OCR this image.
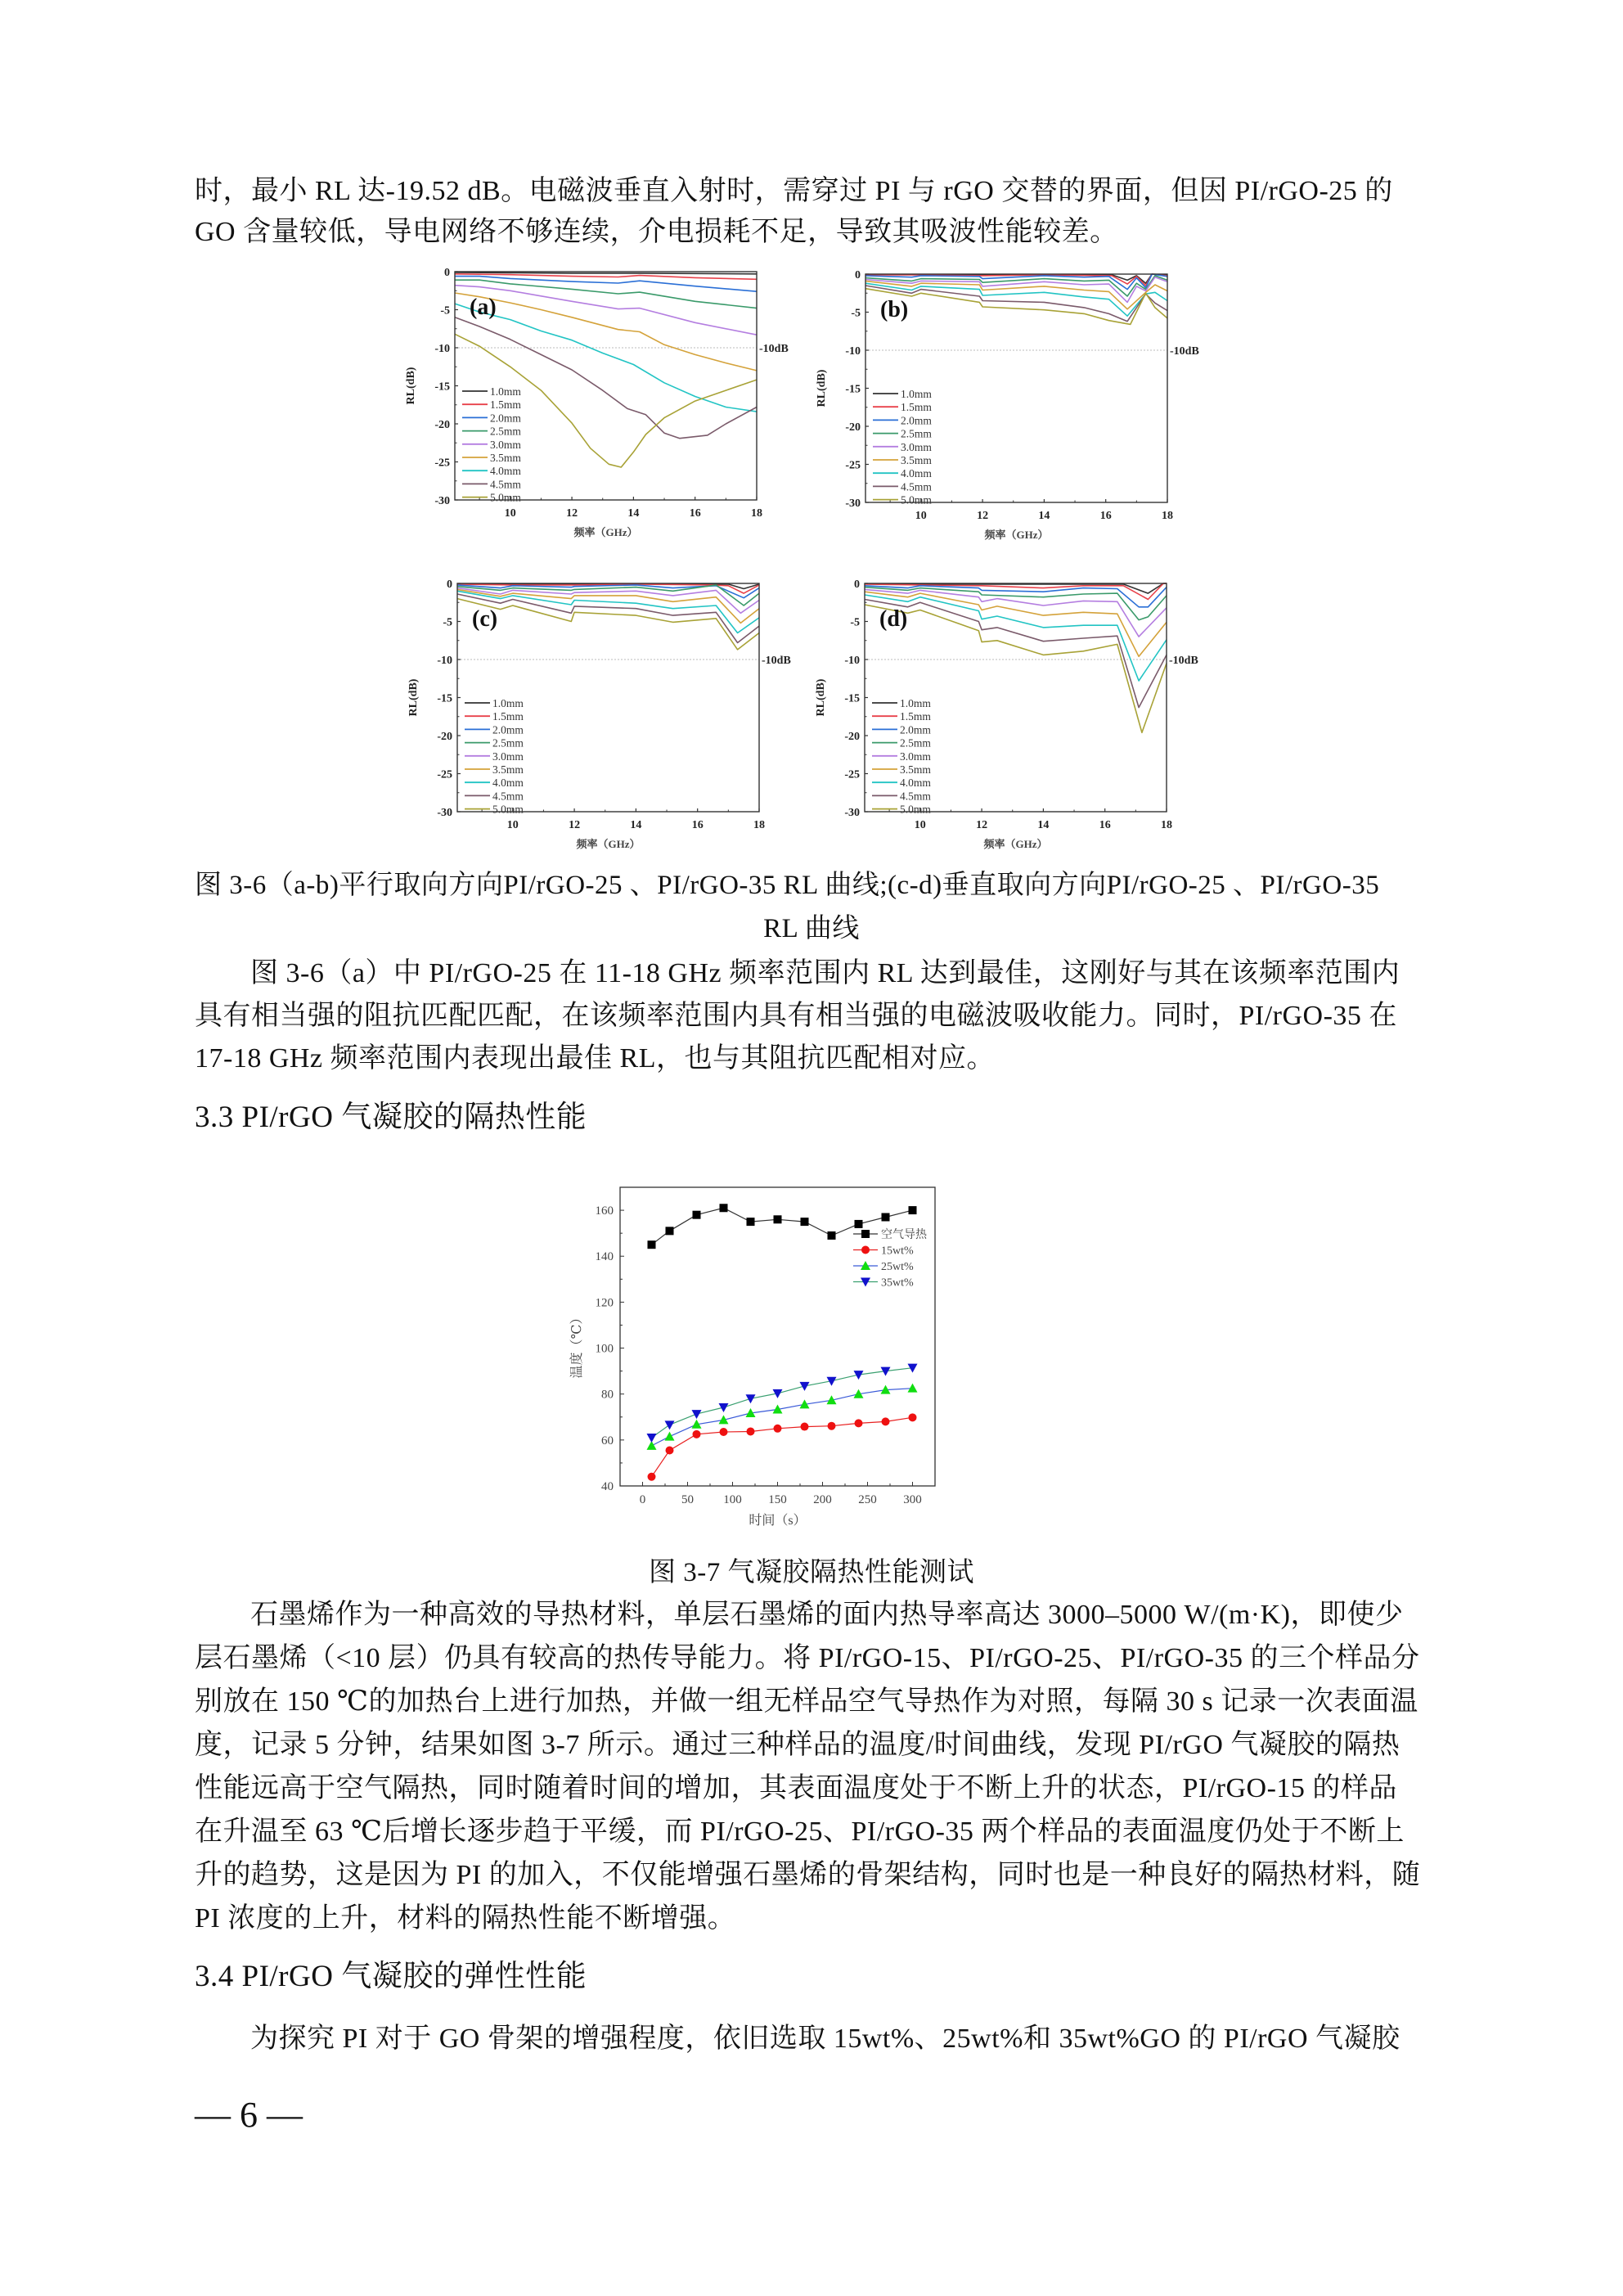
时，最小 RL 达-19.52 dB。电磁波垂直入射时，需穿过 PI 与 rGO 交替的界面，但因 PI/rGO-25 的
GO 含量较低，导电网络不够连续，介电损耗不足，导致其吸波性能较差。
-10dB
0
-5
-10
-15
-20
-25
-30
10	12	14	16	18
频率（GHz）
RL(dB)
(a)
1.0mm
1.5mm
2.0mm
2.5mm
3.0mm
3.5mm
4.0mm
4.5mm
5.0mm
-10dB
0
-5
-10
-15
-20
-25
-30
10	12	14	16	18
频率（GHz）
RL(dB)
(b)
1.0mm
1.5mm
2.0mm
2.5mm
3.0mm
3.5mm
4.0mm
4.5mm
5.0mm
-10dB
0
-5
-10
-15
-20
-25
-30
10	12	14	16	18
频率（GHz）
RL(dB)
(c)
1.0mm
1.5mm
2.0mm
2.5mm
3.0mm
3.5mm
4.0mm
4.5mm
5.0mm
-10dB
0
-5
-10
-15
-20
-25
-30
10	12	14	16	18
频率（GHz）
RL(dB)
(d)
1.0mm
1.5mm
2.0mm
2.5mm
3.0mm
3.5mm
4.0mm
4.5mm
5.0mm
图 3-6（a-b)平行取向方向PI/rGO-25 、PI/rGO-35 RL 曲线;(c-d)垂直取向方向PI/rGO-25 、PI/rGO-35
RL 曲线
图 3-6（a）中 PI/rGO-25 在 11-18 GHz 频率范围内 RL 达到最佳，这刚好与其在该频率范围内
具有相当强的阻抗匹配匹配，在该频率范围内具有相当强的电磁波吸收能力。同时，PI/rGO-35 在
17-18 GHz 频率范围内表现出最佳 RL，也与其阻抗匹配相对应。
3.3 PI/rGO 气凝胶的隔热性能
40
60
80
100
120
140
160
0	50 100 150 200 250 300
时间（s）
温度（℃）
空气导热
15wt%
25wt%
35wt%
图 3-7 气凝胶隔热性能测试
石墨烯作为一种高效的导热材料，单层石墨烯的面内热导率高达 3000–5000 W/(m·K)，即使少
层石墨烯（<10 层）仍具有较高的热传导能力。将 PI/rGO-15、PI/rGO-25、PI/rGO-35 的三个样品分
别放在 150 ℃的加热台上进行加热，并做一组无样品空气导热作为对照，每隔 30 s 记录一次表面温
度，记录 5 分钟，结果如图 3-7 所示。通过三种样品的温度/时间曲线，发现 PI/rGO 气凝胶的隔热
性能远高于空气隔热，同时随着时间的增加，其表面温度处于不断上升的状态，PI/rGO-15 的样品
在升温至 63 ℃后增长逐步趋于平缓，而 PI/rGO-25、PI/rGO-35 两个样品的表面温度仍处于不断上
升的趋势，这是因为 PI 的加入，不仅能增强石墨烯的骨架结构，同时也是一种良好的隔热材料，随
PI 浓度的上升，材料的隔热性能不断增强。
3.4 PI/rGO 气凝胶的弹性性能
为探究 PI 对于 GO 骨架的增强程度，依旧选取 15wt%、25wt%和 35wt%GO 的 PI/rGO 气凝胶
— 6 —
